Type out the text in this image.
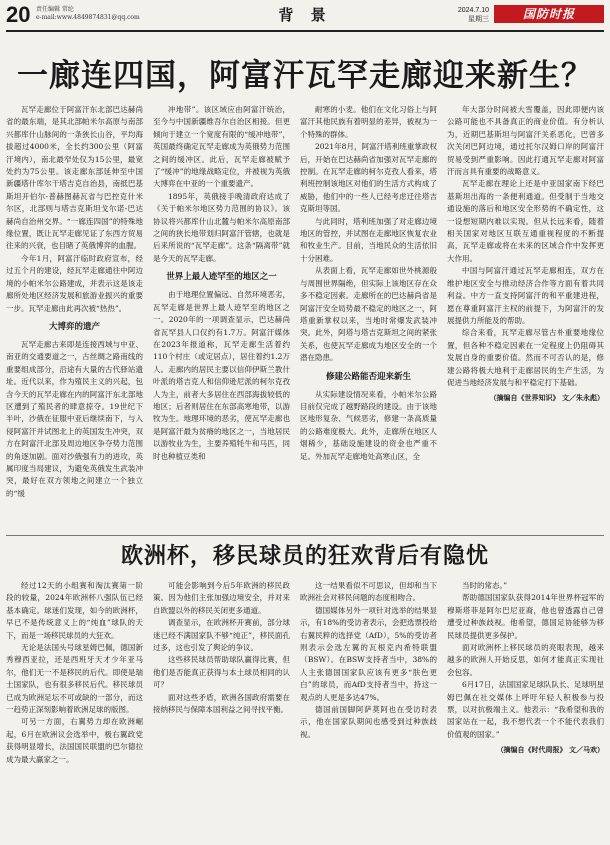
20 责任编辑 常纶
e-mail:www.4849874831@qq.com	背 景	2024.7.10
星期三	国防时报
一廊连四国，阿富汗瓦罕走廊迎来新生？

瓦罕走廊位于阿富汗东北部巴达赫尚省的最东端，是其北部帕米尔高原与南部兴都库什山脉间的一条狭长山谷，平均海拔超过4000米，全长约300公里（阿富汗境内），南北最窄处仅为15公里，最宽处约为75公里。该走廊东部延伸至中国新疆塔什库尔干塔吉克自治县，南抵巴基斯坦开伯尔-普赫图赫瓦省与巴控克什米尔区，北部则与塔吉克斯坦戈尔诺-巴达赫尚自治州交界。“一廊连四国”的特殊地缘位置，既让瓦罕走廊见证了东西方贸易往来的兴衰，也目睹了英俄博弈的血腥。

今年1月，阿富汗临时政府宣布，经过五个月的建设，经瓦罕走廊通往中阿边境的小帕米尔公路建成，并表示这是该走廊所处地区经济发展和旅游业振兴的重要一步。瓦罕走廊由此再次被“热热”。

大博弈的遗产

瓦罕走廊古来即是连接西域与中亚、南亚的交通要道之一，古丝绸之路南线的重要组成部分，沿途有大量的古代驿站遗址。近代以来，作为殖民主义的兴起，包含今天的瓦罕走廊在内的阿富汗东北部地区遭到了殖民者的肆意掠夺。19世纪下半叶，沙俄在征服中亚后继续南下，与入侵阿富汗并试图北上的英国发生冲突，双方在阿富汗北部及周边地区争夺势力范围的角逐加剧。面对沙俄强有力的进攻，英属印度当局建议，为避免英俄发生武装冲突，最好在双方领地之间建立一个独立的“缓

冲地带”。该区域应由阿富汗统治，至今与中国新疆维吾尔自治区相接。但更倾向于建立一个宽度有限的“缓冲地带”，英国最终确定瓦罕走廊成为英俄势力范围之间的缓冲区。此后，瓦罕走廊被赋予了“缓冲”的地缘战略定位，并被视为英俄大博弈在中亚的一个重要遗产。

1895年，英俄接手晚清政府达成了《关于帕米尔地区势力范围的协议》。该协议将兴都库什山北麓与帕米尔高原南部之间的狭长地带划归阿富汗管辖，也就是后来所说的“瓦罕走廊”。这条“隔离带”就是今天的瓦罕走廊。

世界上最人迹罕至的地区之一

由于地理位置偏远、自然环境恶劣，瓦罕走廊是世界上最人迹罕至的地区之一。2020年的一项调查显示，巴达赫尚省瓦罕县人口仅约有1.7万。阿富汗媒体在2023年报道称，瓦罕走廊生活着约110个村庄（或定居点），居住着约1.2万人。走廊内的居民主要以信仰伊斯兰教什叶派的塔吉克人和信仰逊尼派的柯尔克孜人为主，前者大多居住在西部海拔较低的地区；后者则居住在东部高寒地带，以游牧为生。地理环境的恶劣，使瓦罕走廊也是阿富汗最为贫瘠的地区之一，当地居民以游牧业为生，主要养殖牦牛和马匹，同时也种植豆类和

耐寒的小麦。他们在文化习俗上与阿富汗其他民族有着明显的差异，被视为一个特殊的群体。

2021年8月，阿富汗塔利班重掌政权后，开始在巴达赫尚省加强对瓦罕走廊的控制。在瓦罕走廊的柯尔克孜人看来，塔利班控制该地区对他们的生活方式构成了威胁，他们中的一些人已经考虑迁往塔吉克斯坦等国。

与此同时，塔利班加强了对走廊边境地区的管控，并试图在走廊地区恢复农业和牧业生产。目前，当地民众的生活依旧十分困难。

从表面上看，瓦罕走廊如世外桃源般与周围世界隔绝，但实际上该地区存在众多不稳定因素。走廊所在的巴达赫尚省是阿富汗安全局势最不稳定的地区之一，阿塔重新掌权以来，当地时常爆发武装冲突。此外，阿塔与塔吉克斯坦之间的紧张关系，也使瓦罕走廊成为地区安全的一个潜在隐患。

修建公路能否迎来新生

从实际建设情况来看，小帕米尔公路目前仅完成了越野路段的建设。由于该地区地形复杂、气候恶劣，修建一条高质量的公路难度极大。此外，走廊所在地区人烟稀少，基础设施建设的资金也严重不足。外加瓦罕走廊地处高寒山区，全

年大部分时间被大雪覆盖，因此即便内该公路可能也不具备真正的商业价值。有分析认为，近期巴基斯坦与阿富汗关系恶化，巴曾多次关闭巴阿边境，通过托尔汉姆口岸的阿富汗贸易受到严重影响。因此打通瓦罕走廊对阿富汗而言具有重要的战略意义。

瓦罕走廊在理论上还是中亚国家南下经巴基斯坦出海的一条便利通道。但受制于当地交通设施的落后和地区安全形势的不确定性，这一设想短期内难以实现。但从长远来看，随着相关国家对地区互联互通重视程度的不断提高，瓦罕走廊或将在未来的区域合作中发挥更大作用。

中国与阿富汗通过瓦罕走廊相连，双方在维护地区安全与推动经济合作等方面有着共同利益。中方一直支持阿富汗的和平重建进程，愿在尊重阿富汗主权的前提下，为阿富汗的发展提供力所能及的帮助。

综合来看，瓦罕走廊尽管古朴重要地缘位置，但各种不稳定因素在一定程度上仍阻碍其发展自身的重要价值。然而不可否认的是，修建公路将极大地利于走廊居民的生产生活，为促进当地经济发展与和平稳定打下基础。

（摘编自《世界知识》 文／朱永彪）
欧洲杯，移民球员的狂欢背后有隐忧

经过12天的小组赛和淘汰赛第一阶段的较量，2024年欧洲杯八强队伍已经基本确定。球迷们发现，如今的欧洲杯，早已不是传统意义上的“纯血”球队的天下，而是一场移民球员的大狂欢。

无论是法国头号球星姆巴佩，德国新秀穆西亚拉，还是西班牙天才少年亚马尔，他们无一不是移民的后代。即使是瑞士国家队，也有很多移民后代。移民球员已成为欧洲足坛不可或缺的一部分，而这一趋势正深刻影响着欧洲足球的版图。

可另一方面，右翼势力却在欧洲崛起，6月在欧洲议会选举中，极右翼政党获得明显增长，法国国民联盟的巴尔德拉成为最大赢家之一。

可能会影响到今后5年欧洲的移民政策。因为他们主张加强边境安全，并对来自欧盟以外的移民关闭更多通道。

调查显示，在欧洲杯开赛前，部分球迷已经不满国家队不够“纯正”，移民面孔过多，这也引发了舆论的争议。

这些移民球员帮助球队赢得比赛，但他们是否能真正获得与本土球员相同的认可？

面对这些矛盾，欧洲各国政府需要在接纳移民与保障本国利益之间寻找平衡。

这一结果看似不可思议，但却和当下欧洲社会对移民问题的态度相吻合。

德国媒体另外一项针对选举的结果显示，有18%的受访者表示，会把选票投给右翼民粹的选择党（AfD），5%的受访者则表示会选左翼的瓦根克内希特联盟（BSW）。在BSW支持者当中，38%的人主张德国国家队应该有更多“肤色更白”的球员，而AfD支持者当中，持这一观点的人更是多达47%。

德国前国脚阿萨莫阿也在受访时表示，他在国家队期间也感受到过种族歧视。

当时的常态。”

帮助德国国家队获得2014年世界杯冠军的穆斯塔菲是阿尔巴尼亚裔，他也曾透露自己曾遭受过种族歧视。他希望，德国足协能够为移民球员提供更多保护。

面对欧洲杯上移民球员的亮眼表现，越来越多的欧洲人开始反思，如何才能真正实现社会包容。

6月17日，法国国家足球队队长、足球明星姆巴佩在社交媒体上呼吁年轻人积极参与投票，以对抗极端主义。他表示：“我希望和我的国家站在一起，我不想代表一个不能代表我们价值观的国家。”

（摘编自《时代周报》 文／马欢）
